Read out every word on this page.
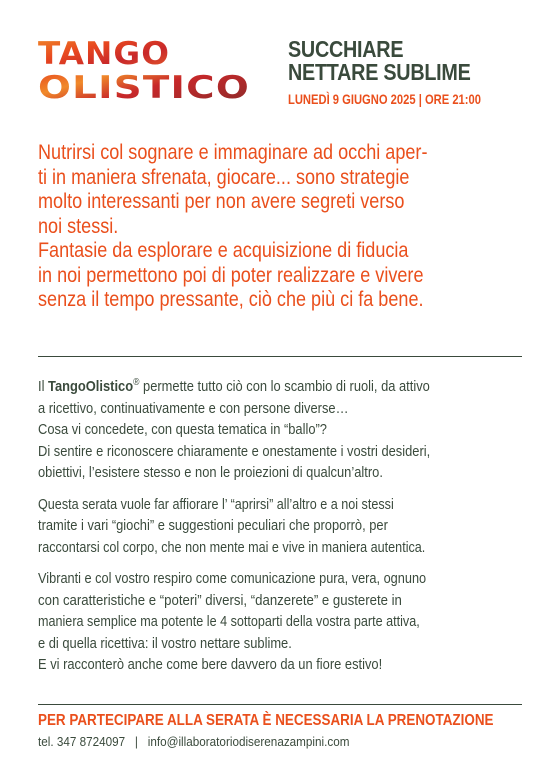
TANGO
OLISTICO
SUCCHIARE
NETTARE SUBLIME
LUNEDÌ 9 GIUGNO 2025 | ORE 21:00

Nutrirsi col sognare e immaginare ad occhi aper-

ti in maniera sfrenata, giocare... sono strategie

molto interessanti per non avere segreti verso

noi stessi.

Fantasie da esplorare e acquisizione di fiducia

in noi permettono poi di poter realizzare e vivere

senza il tempo pressante, ciò che più ci fa bene.

Il TangoOlistico® permette tutto ciò con lo scambio di ruoli, da attivo
a ricettivo, continuativamente e con persone diverse…
Cosa vi concedete, con questa tematica in “ballo”?
Di sentire e riconoscere chiaramente e onestamente i vostri desideri,
obiettivi, l’esistere stesso e non le proiezioni di qualcun’altro.
Questa serata vuole far affiorare l’ “aprirsi” all’altro e a noi stessi
tramite i vari “giochi” e suggestioni peculiari che proporrò, per
raccontarsi col corpo, che non mente mai e vive in maniera autentica.
Vibranti e col vostro respiro come comunicazione pura, vera, ognuno
con caratteristiche e “poteri” diversi, “danzerete” e gusterete in
maniera semplice ma potente le 4 sottoparti della vostra parte attiva,
e di quella ricettiva: il vostro nettare sublime.
E vi racconterò anche come bere davvero da un fiore estivo!
PER PARTECIPARE ALLA SERATA È NECESSARIA LA PRENOTAZIONE
tel. 347 8724097   |   info@illaboratoriodiserenazampini.com
